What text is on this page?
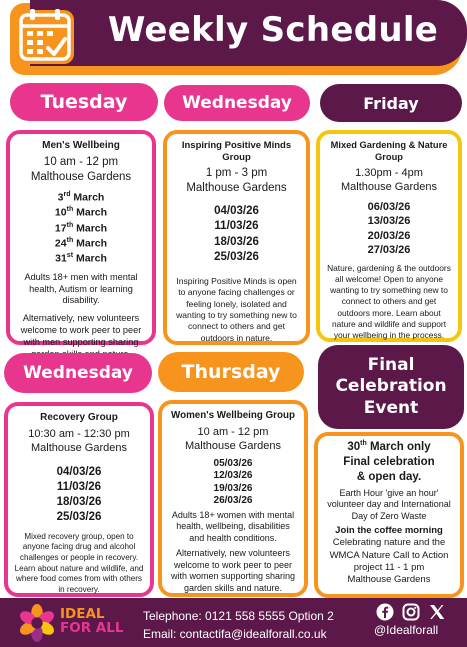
Weekly Schedule
Tuesday	Wednesday	Friday
Men's Wellbeing
10 am - 12 pm
Malthouse Gardens
3rd March
10th March
17th March
24th March
31st March

Adults 18+ men with mental health, Autism or learning disability.

Alternatively, new volunteers welcome to work peer to peer with men supporting sharing

Inspiring Positive Minds Group
1 pm - 3 pm
Malthouse Gardens
04/03/26
11/03/26
18/03/26
25/03/26

Inspiring Positive Minds is open to anyone facing challenges or feeling lonely, isolated and wanting to try something new to connect to others and get outdoors in nature.

Mixed Gardening & Nature Group
1.30pm - 4pm
Malthouse Gardens
06/03/26
13/03/26
20/03/26
27/03/26

Nature, gardening & the outdoors all welcome! Open to anyone wanting to try something new to connect to others and get outdoors more. Learn about nature and wildlife and support your wellbeing in the process.

Wednesday	Thursday	Final
Celebration
Event
Recovery Group
10:30 am - 12:30 pm
Malthouse Gardens
04/03/26
11/03/26
18/03/26
25/03/26

Mixed recovery group, open to anyone facing drug and alcohol challenges or people in recovery. Learn about nature and wildlife, and where food comes from with others in recovery.

Women's Wellbeing Group
10 am - 12 pm
Malthouse Gardens
05/03/26
12/03/26
19/03/26
26/03/26

Adults 18+ women with mental health, wellbeing, disabilities and health conditions.

Alternatively, new volunteers welcome to work peer to peer with women supporting sharing garden skills and nature.

30th March only
Final celebration
& open day.

Earth Hour 'give an hour' volunteer day and International Day of Zero Waste

Join the coffee morning
Celebrating nature and the WMCA Nature Call to Action project 11 - 1 pm
Malthouse Gardens
IDEAL
FOR ALL
Telephone: 0121 558 5555 Option 2
Email: contactifa@idealforall.co.uk	@Idealforall
